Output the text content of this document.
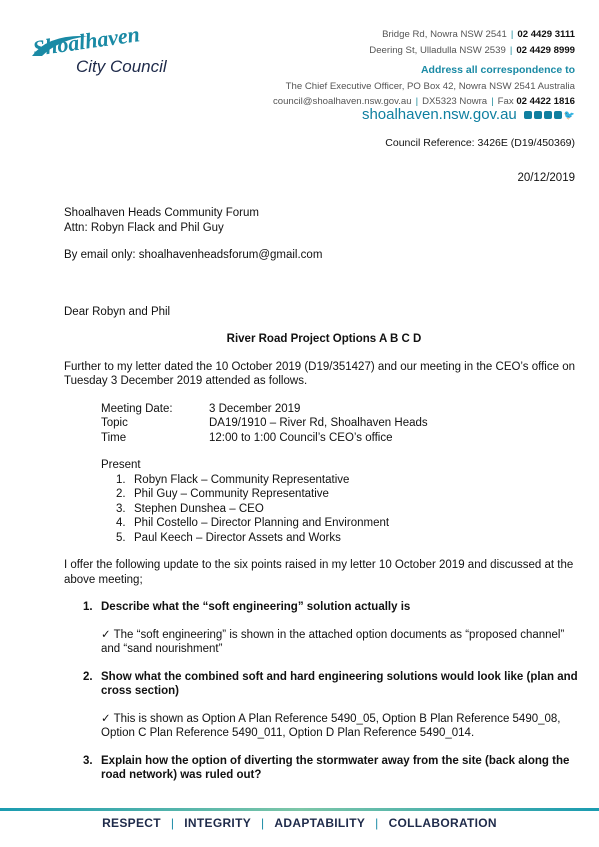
Shoalhaven
City Council
Bridge Rd, Nowra NSW 2541 | 02 4429 3111
Deering St, Ulladulla NSW 2539 | 02 4429 8999
Address all correspondence to
The Chief Executive Officer, PO Box 42, Nowra NSW 2541 Australia
council@shoalhaven.nsw.gov.au | DX5323 Nowra | Fax 02 4422 1816
shoalhaven.nsw.gov.au	🐦
Council Reference: 3426E (D19/450369)
20/12/2019

Shoalhaven Heads Community Forum

Attn: Robyn Flack and Phil Guy

By email only: shoalhavenheadsforum@gmail.com

Dear Robyn and Phil

River Road Project Options A B C D

Further to my letter dated the 10 October 2019 (D19/351427) and our meeting in the CEO’s office on Tuesday 3 December 2019 attended as follows.

Meeting Date:	3 December 2019
Topic	DA19/1910 – River Rd, Shoalhaven Heads
Time	12:00 to 1:00 Council’s CEO’s office
Present
1. Robyn Flack – Community Representative
2. Phil Guy – Community Representative
3. Stephen Dunshea – CEO
4. Phil Costello – Director Planning and Environment
5. Paul Keech – Director Assets and Works

I offer the following update to the six points raised in my letter 10 October 2019 and discussed at the above meeting;

1. Describe what the “soft engineering” solution actually is

✓ The “soft engineering” is shown in the attached option documents as “proposed channel” and “sand nourishment”

2. Show what the combined soft and hard engineering solutions would look like (plan and cross section)

✓ This is shown as Option A Plan Reference 5490_05, Option B Plan Reference 5490_08, Option C Plan Reference 5490_011, Option D Plan Reference 5490_014.

3. Explain how the option of diverting the stormwater away from the site (back along the road network) was ruled out?
RESPECT | INTEGRITY | ADAPTABILITY | COLLABORATION
